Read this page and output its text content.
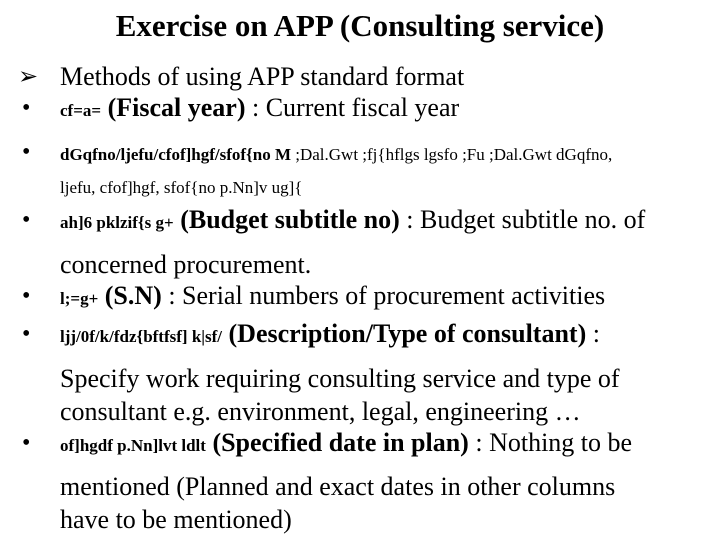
Exercise on APP (Consulting service)
➢ Methods of using APP standard format
• cf=a= (Fiscal year) : Current fiscal year
• dGqfno/ljefu/cfof]hgf/sfof{no M ;Dal.Gwt ;fj{hflgs lgsfo ;Fu ;Dal.Gwt dGqfno,
ljefu, cfof]hgf, sfof{no p.Nn]v ug]{
• ah]6 pklzif{s g+ (Budget subtitle no) : Budget subtitle no. of
concerned procurement.
• l;=g+ (S.N) : Serial numbers of procurement activities
• ljj/0f/k/fdz{bftfsf] k|sf/ (Description/Type of consultant) :
Specify work requiring consulting service and type of
consultant e.g. environment, legal, engineering …
• of]hgdf p.Nn]lvt ldlt (Specified date in plan) : Nothing to be
mentioned (Planned and exact dates in other columns
have to be mentioned)
